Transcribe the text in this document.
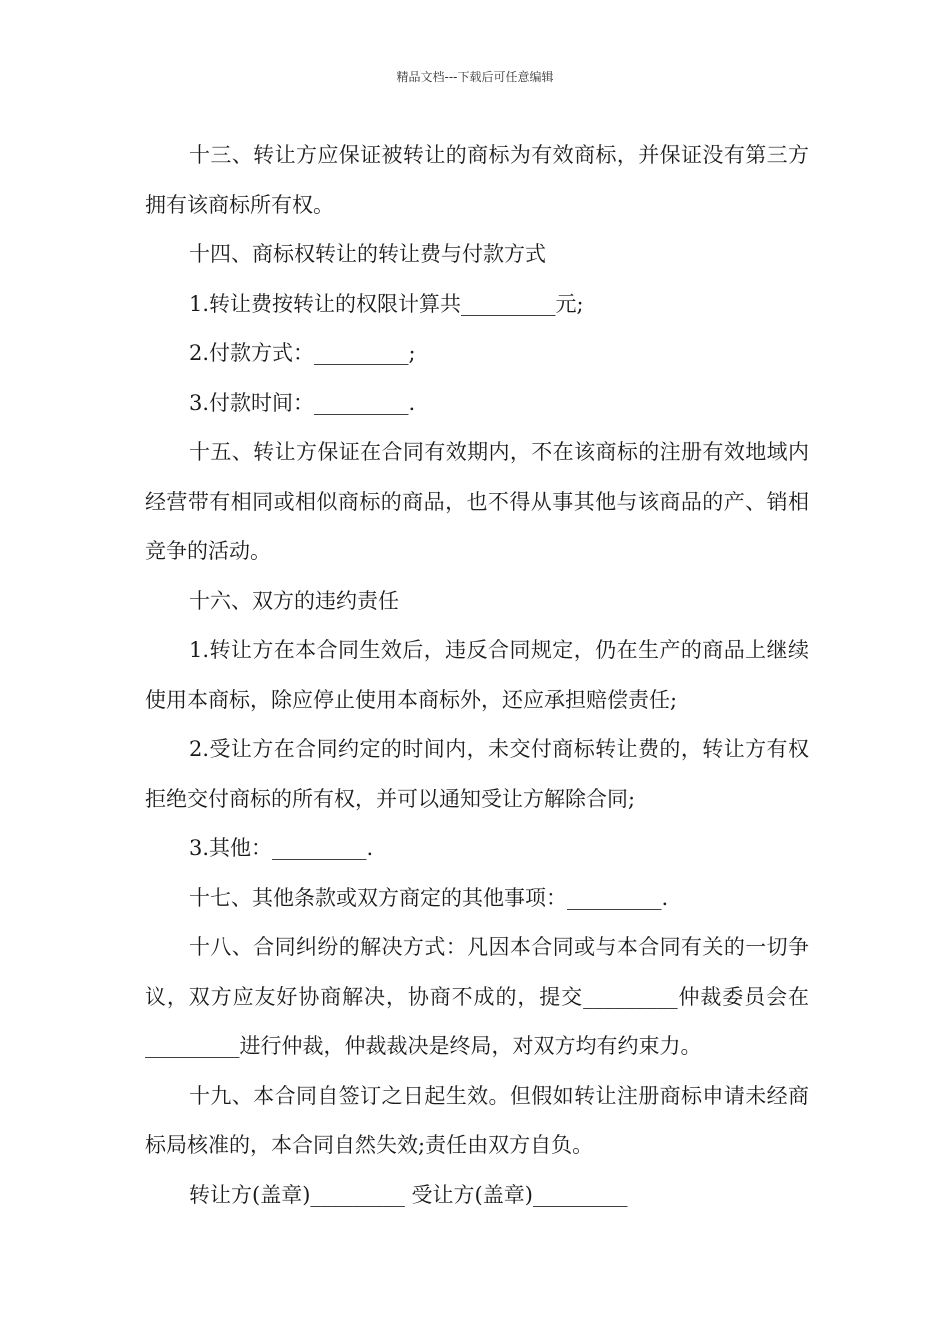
精品文档---下载后可任意编辑

十三、转让方应保证被转让的商标为有效商标，并保证没有第三方拥有该商标所有权。

十四、商标权转让的转让费与付款方式

1.转让费按转让的权限计算共_________元;

2.付款方式：_________;

3.付款时间：_________.

十五、转让方保证在合同有效期内，不在该商标的注册有效地域内经营带有相同或相似商标的商品，也不得从事其他与该商品的产、销相竞争的活动。

十六、双方的违约责任

1.转让方在本合同生效后，违反合同规定，仍在生产的商品上继续使用本商标，除应停止使用本商标外，还应承担赔偿责任;

2.受让方在合同约定的时间内，未交付商标转让费的，转让方有权拒绝交付商标的所有权，并可以通知受让方解除合同;

3.其他：_________.

十七、其他条款或双方商定的其他事项：_________.

十八、合同纠纷的解决方式：凡因本合同或与本合同有关的一切争议，双方应友好协商解决，协商不成的，提交_________仲裁委员会在_________进行仲裁，仲裁裁决是终局，对双方均有约束力。

十九、本合同自签订之日起生效。但假如转让注册商标申请未经商标局核准的，本合同自然失效;责任由双方自负。

转让方(盖章)_________ 受让方(盖章)_________
